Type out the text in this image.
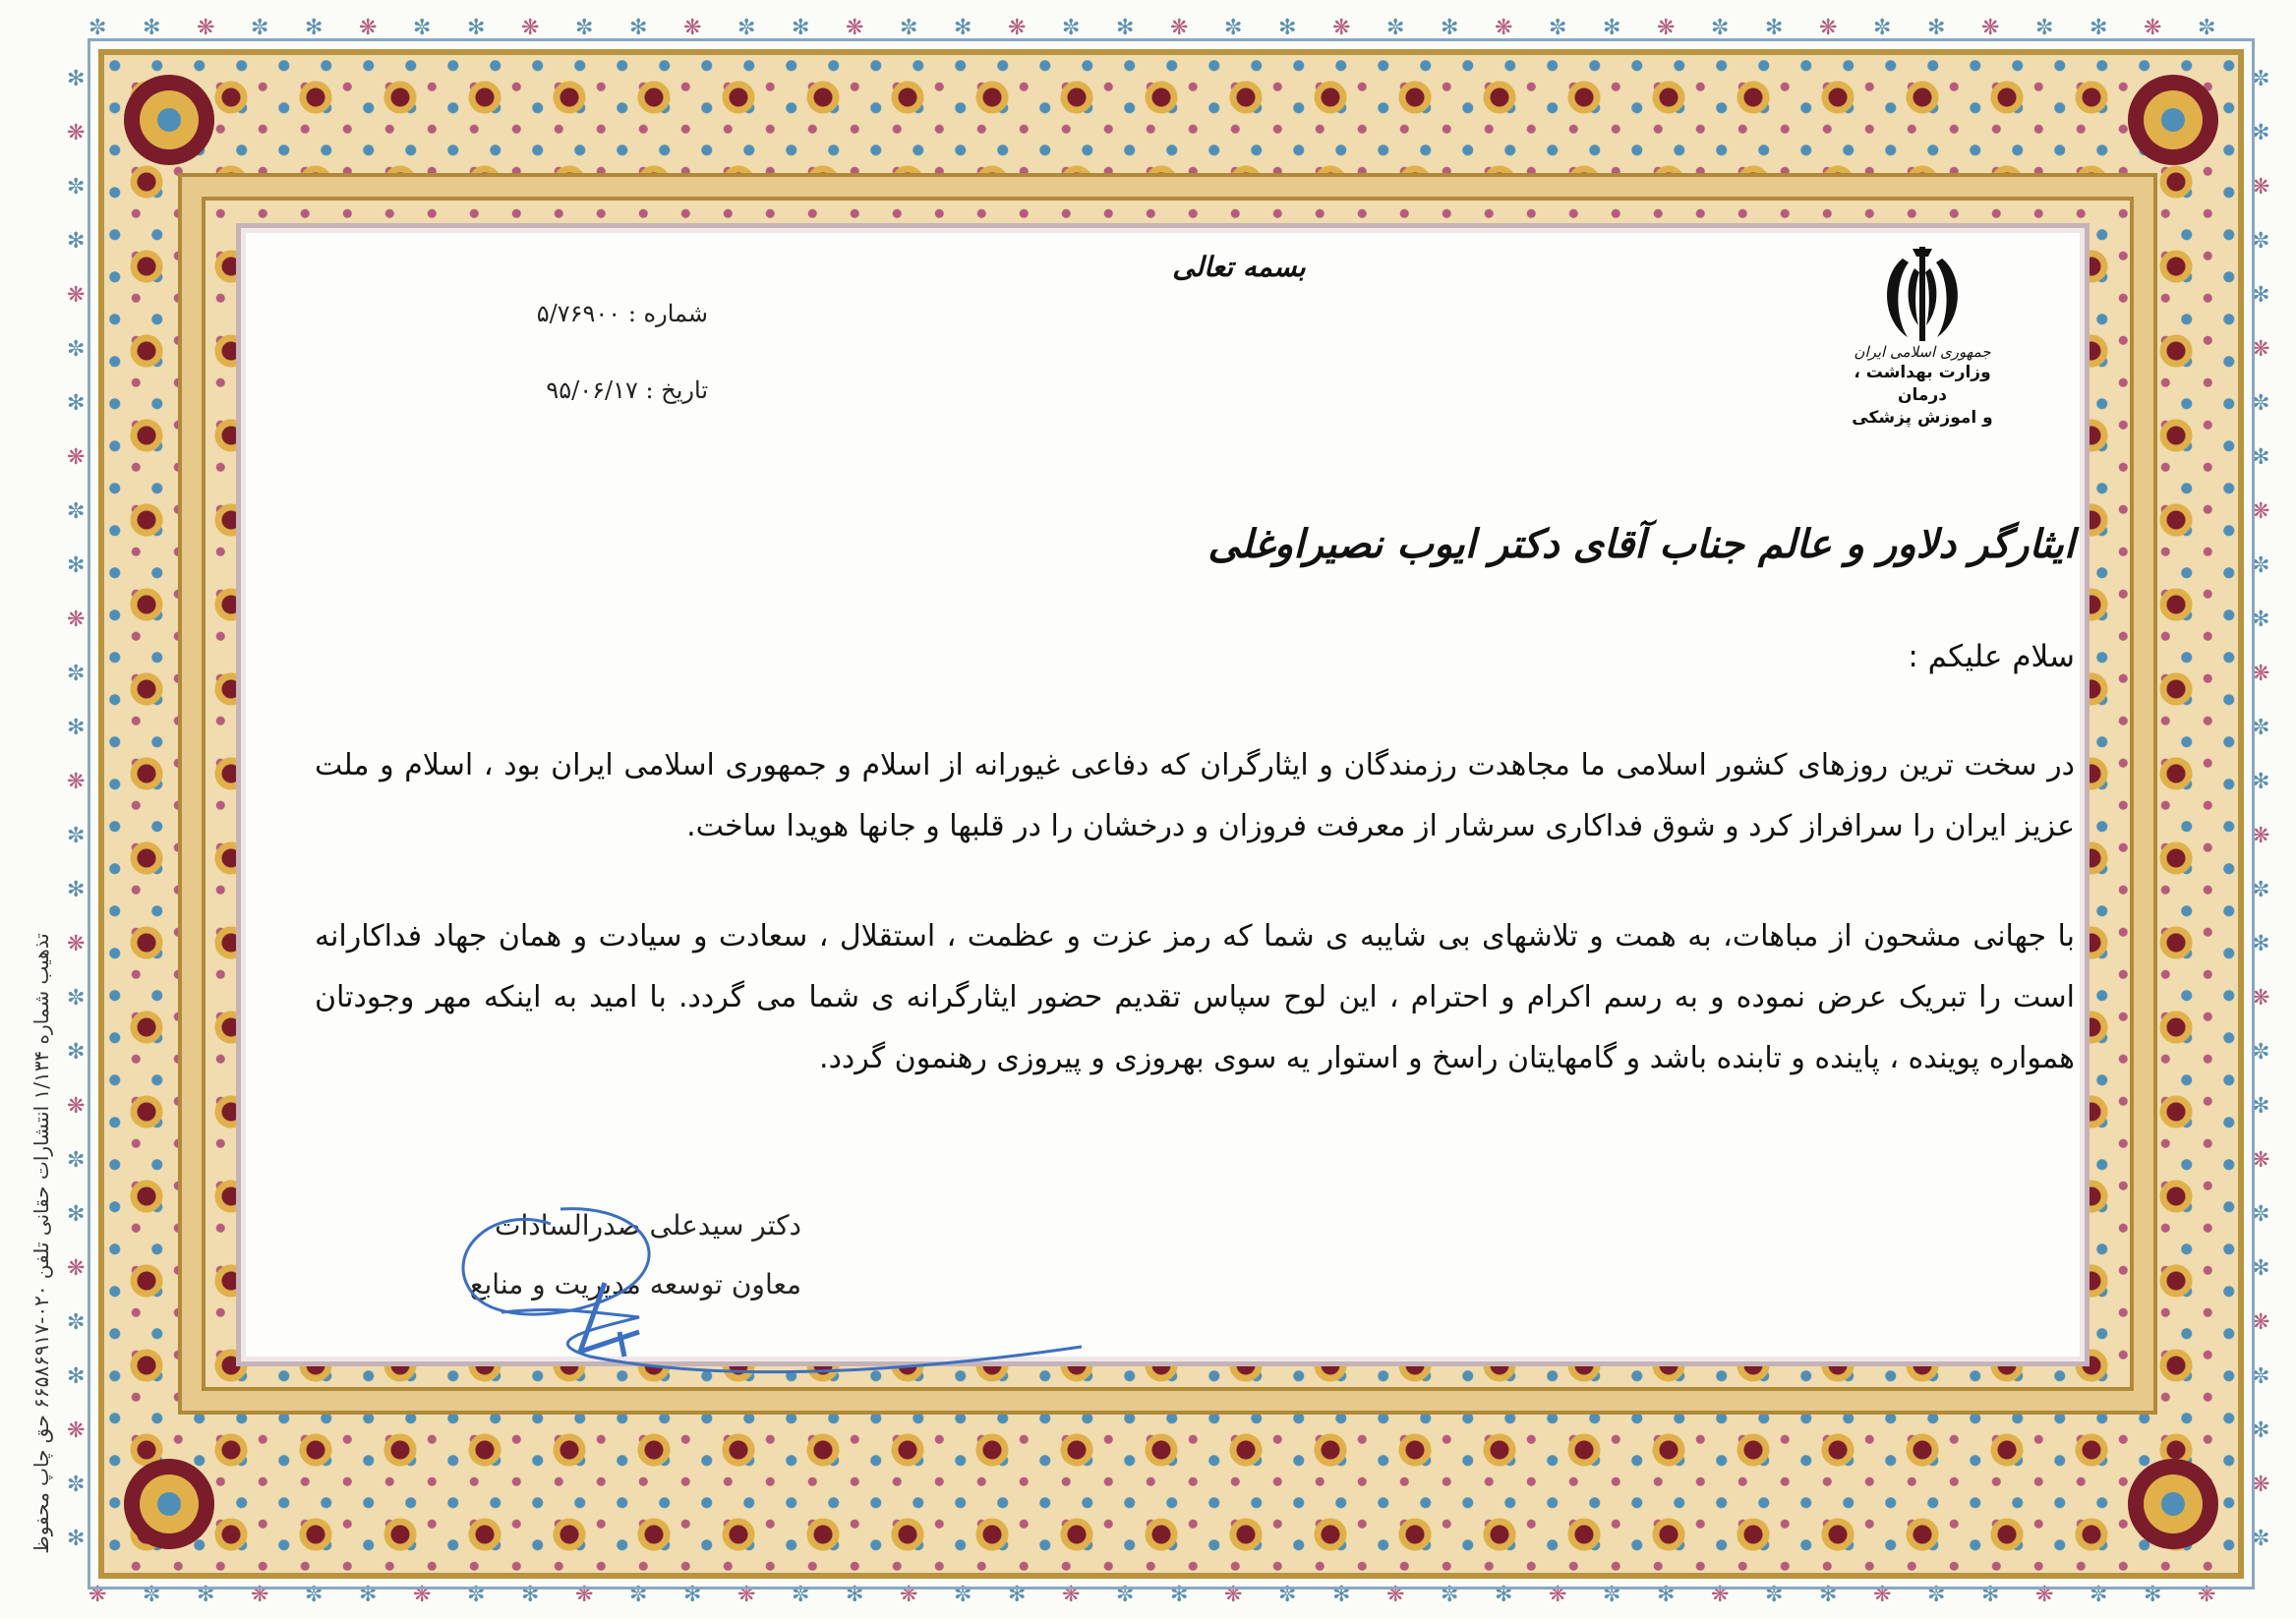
✼
❋
✻
✼
❋
✻
✼
❋
✻
✼
❋
✻
✼
❋
✻
✼
❋
✻
✼
❋
✻
✼
❋
✻
✼
❋
✻
✼
❋
✻
✼
❋
✻
✼
❋
✻
✼
❋
✻
✼
❋
✻
✼
❋
✻
✼
❋
✻
✼
❋
✻
✼
❋
✻
✼
❋
✻
✼
❋
✻
✼
❋
✻
✼
❋
✻
✼
❋
✻
✼
❋
✻
✼
❋
✻
✼
❋
✻
✼
❋
✻	✼
❋	✻
✼	❋
✻	✼
❋	✻
✼	❋
✻	✼
❋	✻
✼	❋
✻	✼
❋	✻
✼	❋
✻	✼
❋	✻
✼	❋
✻	✼
❋	✻
✼	❋
✻	✼
❋	✻
✼	❋
✻	✼
❋	✻
✼	❋
✻	✼
❋	✻
✼	❋
✻	✼
بسمه تعالی
شماره : ۵/۷۶۹۰۰
تاریخ : ۹۵/۰۶/۱۷
جمهوری اسلامی ایران
وزارت بهداشت ، درمان
و اموزش پزشکی
ایثارگر دلاور و عالم جناب آقای دکتر ایوب نصیراوغلی
سلام علیکم :

در سخت ترین روزهای کشور اسلامی ما مجاهدت رزمندگان و ایثارگران که دفاعی غیورانه از اسلام و جمهوری اسلامی ایران بود ، اسلام و ملت عزیز ایران را سرافراز کرد و شوق فداکاری سرشار از معرفت فروزان و درخشان را در قلبها و جانها هویدا ساخت.

با جهانی مشحون از مباهات، به همت و تلاشهای بی شایبه ی شما که رمز عزت و عظمت ، استقلال ، سعادت و سیادت و همان جهاد فداکارانه است را تبریک عرض نموده و به رسم اکرام و احترام ، این لوح سپاس تقدیم حضور ایثارگرانه ی شما می گردد. با امید به اینکه مهر وجودتان همواره پوینده ، پاینده و تابنده باشد و گامهایتان راسخ و استوار یه سوی بهروزی و پیروزی رهنمون گردد.

دکتر سیدعلی صدرالسادات
معاون توسعه مدیریت و منابع
تذهیب شماره ۱/۱۳۴ انتشارات حقانی تلفن ۰۲۰-۶۶۵۸۶۹۱۷ حق چاپ محفوظ
